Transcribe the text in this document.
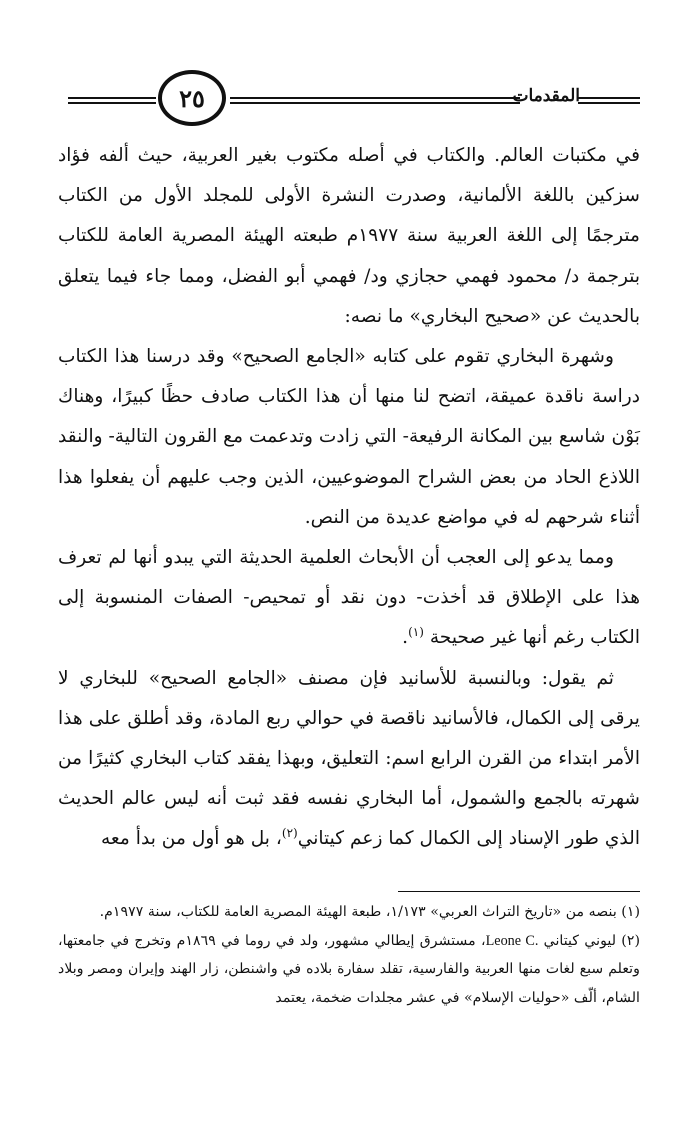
٢٥	المقدمات

في مكتبات العالم. والكتاب في أصله مكتوب بغير العربية، حيث ألفه فؤاد سزكين باللغة الألمانية، وصدرت النشرة الأولى للمجلد الأول من الكتاب مترجمًا إلى اللغة العربية سنة ١٩٧٧م طبعته الهيئة المصرية العامة للكتاب بترجمة د/ محمود فهمي حجازي ود/ فهمي أبو الفضل، ومما جاء فيما يتعلق بالحديث عن «صحيح البخاري» ما نصه:

وشهرة البخاري تقوم على كتابه «الجامع الصحيح» وقد درسنا هذا الكتاب دراسة ناقدة عميقة، اتضح لنا منها أن هذا الكتاب صادف حظًا كبيرًا، وهناك بَوْن شاسع بين المكانة الرفيعة- التي زادت وتدعمت مع القرون التالية- والنقد اللاذع الحاد من بعض الشراح الموضوعيين، الذين وجب عليهم أن يفعلوا هذا أثناء شرحهم له في مواضع عديدة من النص.

ومما يدعو إلى العجب أن الأبحاث العلمية الحديثة التي يبدو أنها لم تعرف هذا على الإطلاق قد أخذت- دون نقد أو تمحيص- الصفات المنسوبة إلى الكتاب رغم أنها غير صحيحة $^{(١)}$.

ثم يقول: وبالنسبة للأسانيد فإن مصنف «الجامع الصحيح» للبخاري لا يرقى إلى الكمال، فالأسانيد ناقصة في حوالي ربع المادة، وقد أطلق على هذا الأمر ابتداء من القرن الرابع اسم: التعليق، وبهذا يفقد كتاب البخاري كثيرًا من شهرته بالجمع والشمول، أما البخاري نفسه فقد ثبت أنه ليس عالم الحديث الذي طور الإسناد إلى الكمال كما زعم كيتاني$^{(٢)}$، بل هو أول من بدأ معه

(١) بنصه من «تاريخ التراث العربي» ١/١٧٣، طبعة الهيئة المصرية العامة للكتاب، سنة ١٩٧٧م.

(٢) ليوني كيتاني Leone C.، مستشرق إيطالي مشهور، ولد في روما في ١٨٦٩م وتخرج في جامعتها، وتعلم سبع لغات منها العربية والفارسية، تقلد سفارة بلاده في واشنطن، زار الهند وإيران ومصر وبلاد الشام، ألّف «حوليات الإسلام» في عشر مجلدات ضخمة، يعتمد
